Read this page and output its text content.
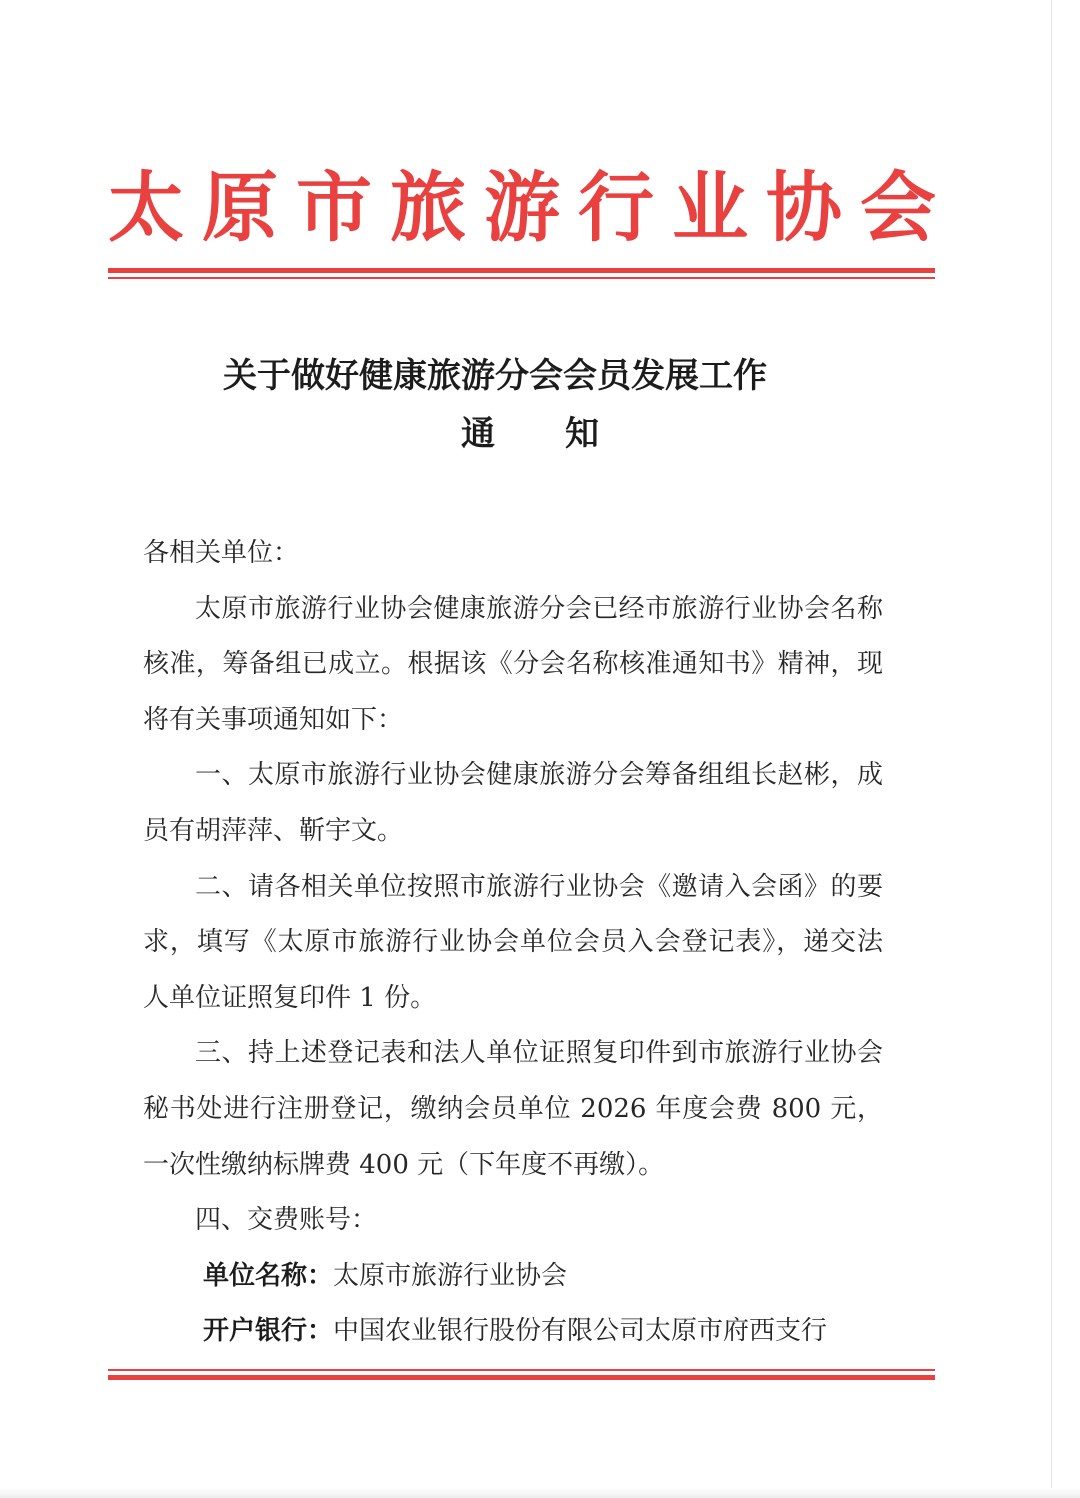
太原市旅游行业协会
关于做好健康旅游分会会员发展工作
通知

各相关单位：

太原市旅游行业协会健康旅游分会已经市旅游行业协会名称核准，筹备组已成立。根据该《分会名称核准通知书》精神，现将有关事项通知如下：

一、太原市旅游行业协会健康旅游分会筹备组组长赵彬，成员有胡萍萍、靳宇文。

二、请各相关单位按照市旅游行业协会《邀请入会函》的要求，填写《太原市旅游行业协会单位会员入会登记表》，递交法人单位证照复印件 1 份。

三、持上述登记表和法人单位证照复印件到市旅游行业协会秘书处进行注册登记，缴纳会员单位 2026 年度会费 800 元，一次性缴纳标牌费 400 元（下年度不再缴）。

四、交费账号：

单位名称：太原市旅游行业协会

开户银行：中国农业银行股份有限公司太原市府西支行
